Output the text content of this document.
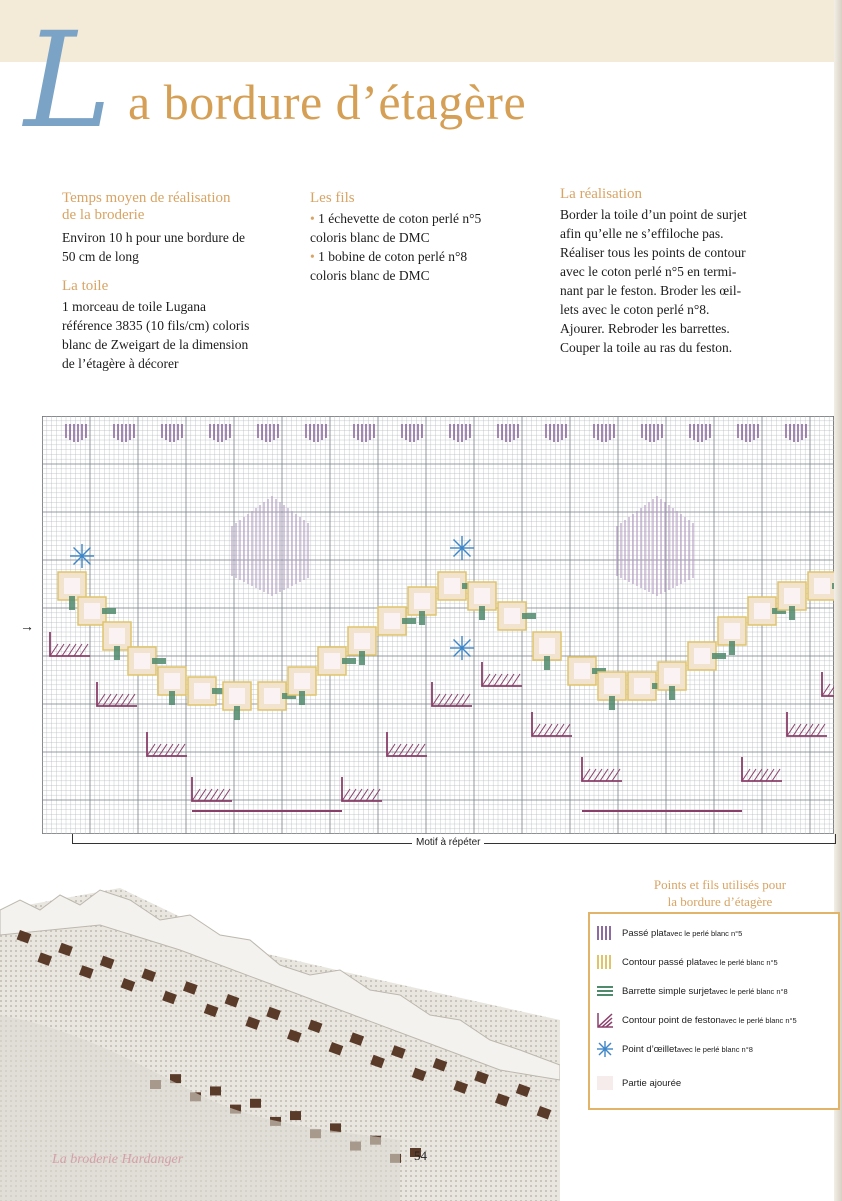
L a bordure d’étagère
Temps moyen de réalisation
de la broderie

Environ 10 h pour une bordure de
50 cm de long

La toile

1 morceau de toile Lugana
référence 3835 (10 fils/cm) coloris
blanc de Zweigart de la dimension
de l’étagère à décorer

Les fils

• 1 échevette de coton perlé n°5
coloris blanc de DMC
• 1 bobine de coton perlé n°8
coloris blanc de DMC

La réalisation

Border la toile d’un point de surjet
afin qu’elle ne s’effiloche pas.
Réaliser tous les points de contour
avec le coton perlé n°5 en termi-
nant par le feston. Broder les œil-
lets avec le coton perlé n°8.
Ajourer. Rebroder les barrettes.
Couper la toile au ras du feston.

→
Motif à répéter
Points et fils utilisés pour
la bordure d’étagère
Passé plat avec le perlé blanc n°5
Contour passé plat avec le perlé blanc n°5
Barrette simple surjet avec le perlé blanc n°8
Contour point de feston avec le perlé blanc n°5
Point d’œillet avec le perlé blanc n°8
Partie ajourée
La broderie Hardanger	54
